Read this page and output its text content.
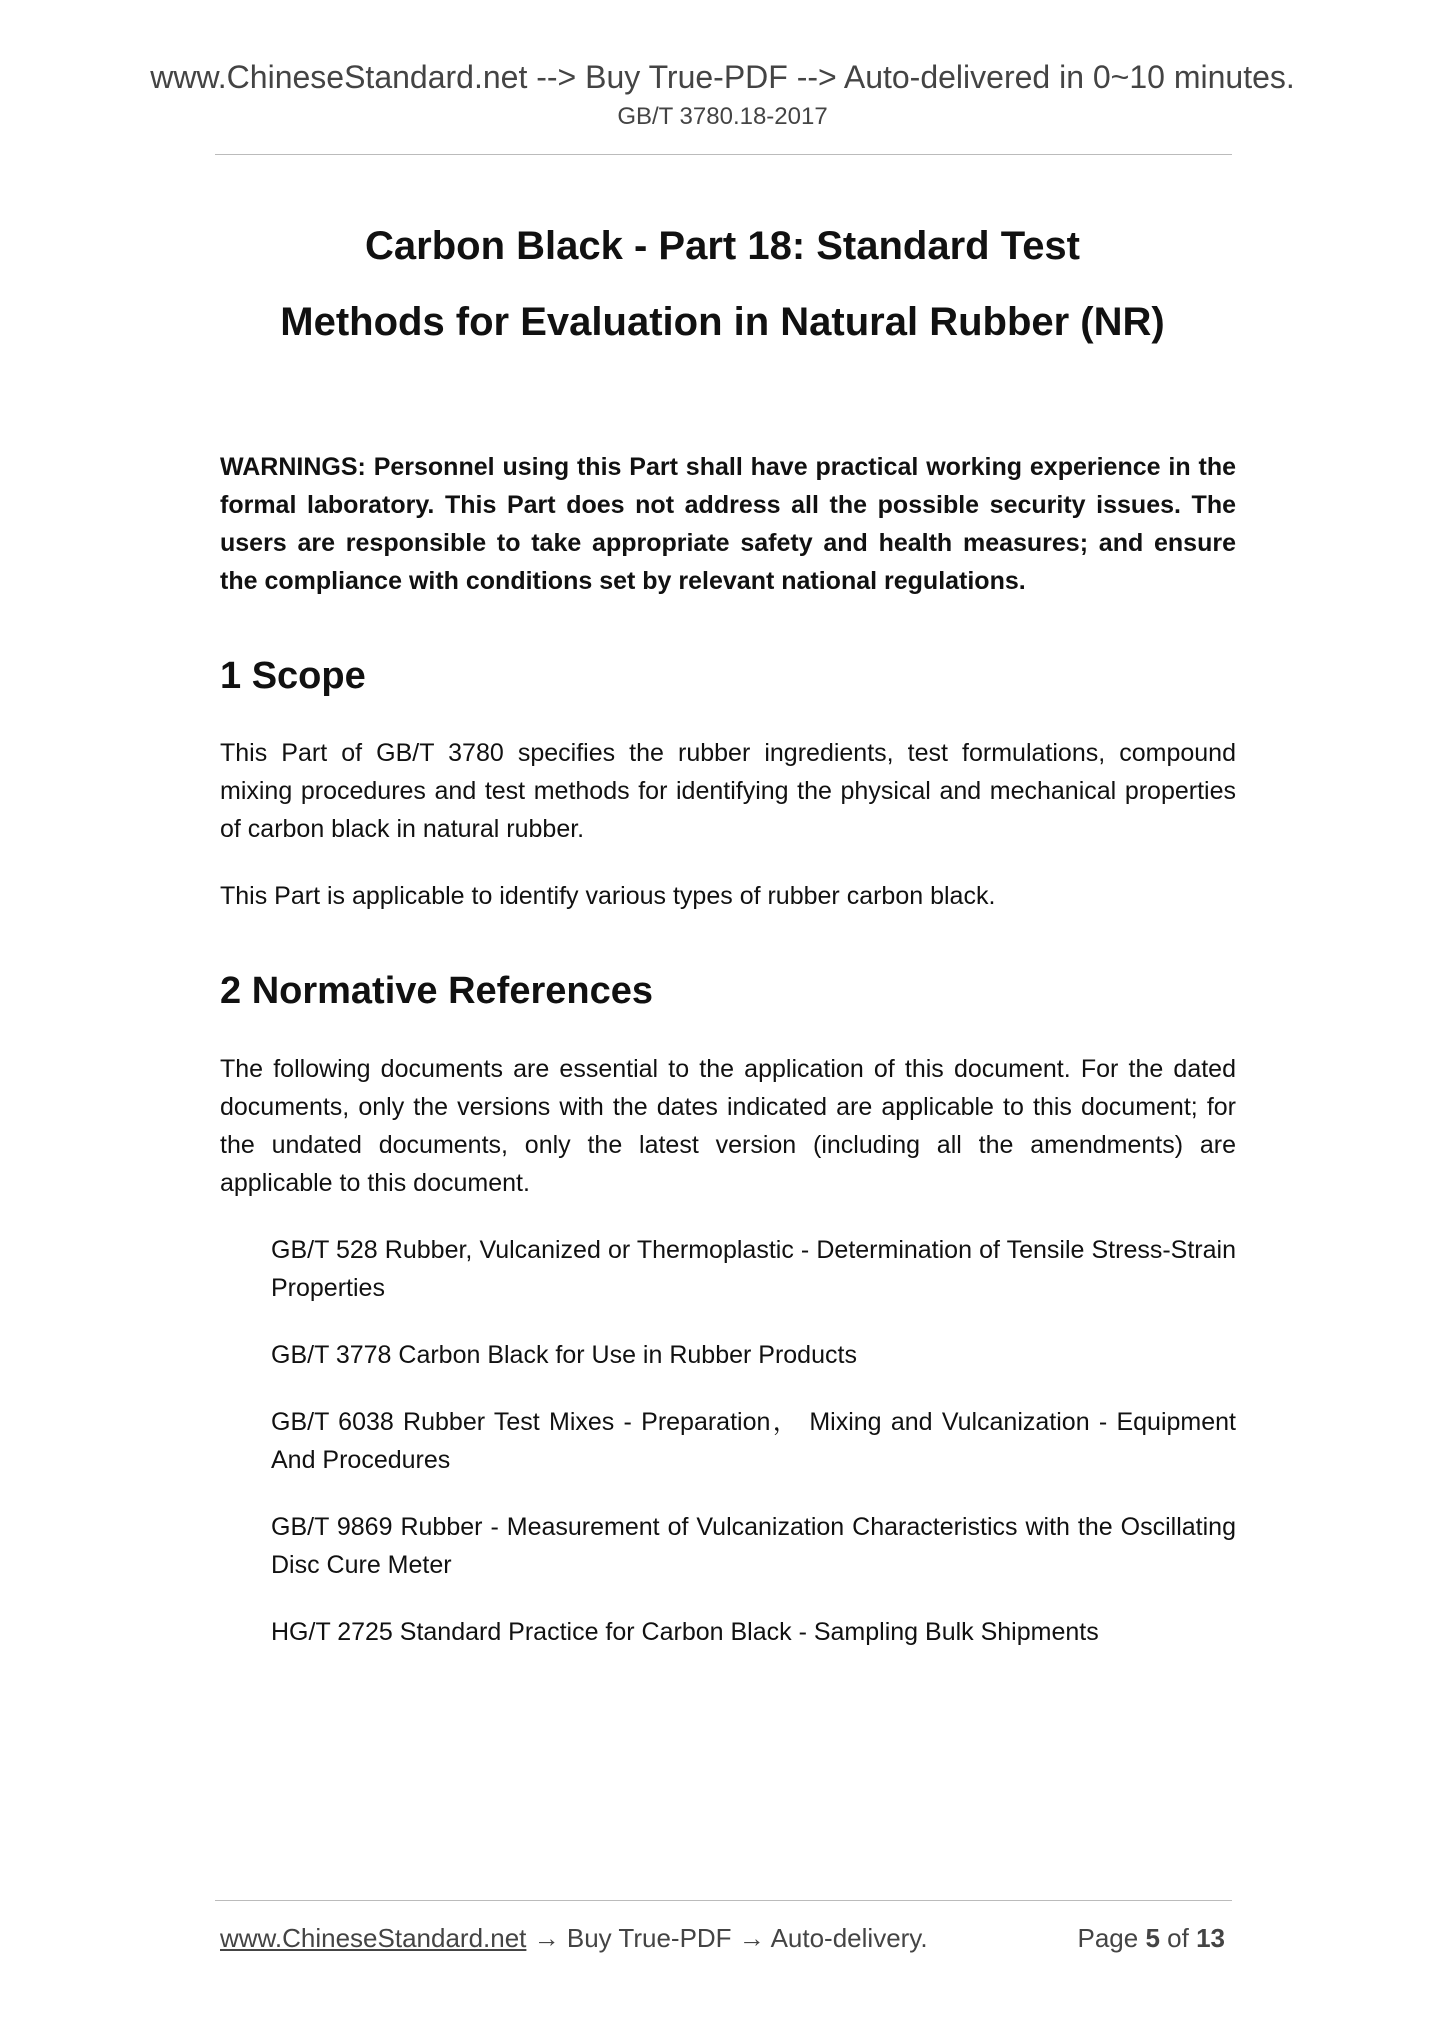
www.ChineseStandard.net --> Buy True-PDF --> Auto-delivered in 0~10 minutes.
GB/T 3780.18-2017
Carbon Black - Part 18: Standard Test
Methods for Evaluation in Natural Rubber (NR)

WARNINGS: Personnel using this Part shall have practical working experience in the formal laboratory. This Part does not address all the possible security issues. The users are responsible to take appropriate safety and health measures; and ensure the compliance with conditions set by relevant national regulations.

1 Scope

This Part of GB/T 3780 specifies the rubber ingredients, test formulations, compound mixing procedures and test methods for identifying the physical and mechanical properties of carbon black in natural rubber.

This Part is applicable to identify various types of rubber carbon black.

2 Normative References

The following documents are essential to the application of this document. For the dated documents, only the versions with the dates indicated are applicable to this document; for the undated documents, only the latest version (including all the amendments) are applicable to this document.

GB/T 528 Rubber, Vulcanized or Thermoplastic - Determination of Tensile Stress-Strain Properties
GB/T 3778 Carbon Black for Use in Rubber Products
GB/T 6038 Rubber Test Mixes - Preparation， Mixing and Vulcanization - Equipment And Procedures
GB/T 9869 Rubber - Measurement of Vulcanization Characteristics with the Oscillating Disc Cure Meter
HG/T 2725 Standard Practice for Carbon Black - Sampling Bulk Shipments
www.ChineseStandard.net → Buy True-PDF → Auto-delivery.	Page 5 of 13
